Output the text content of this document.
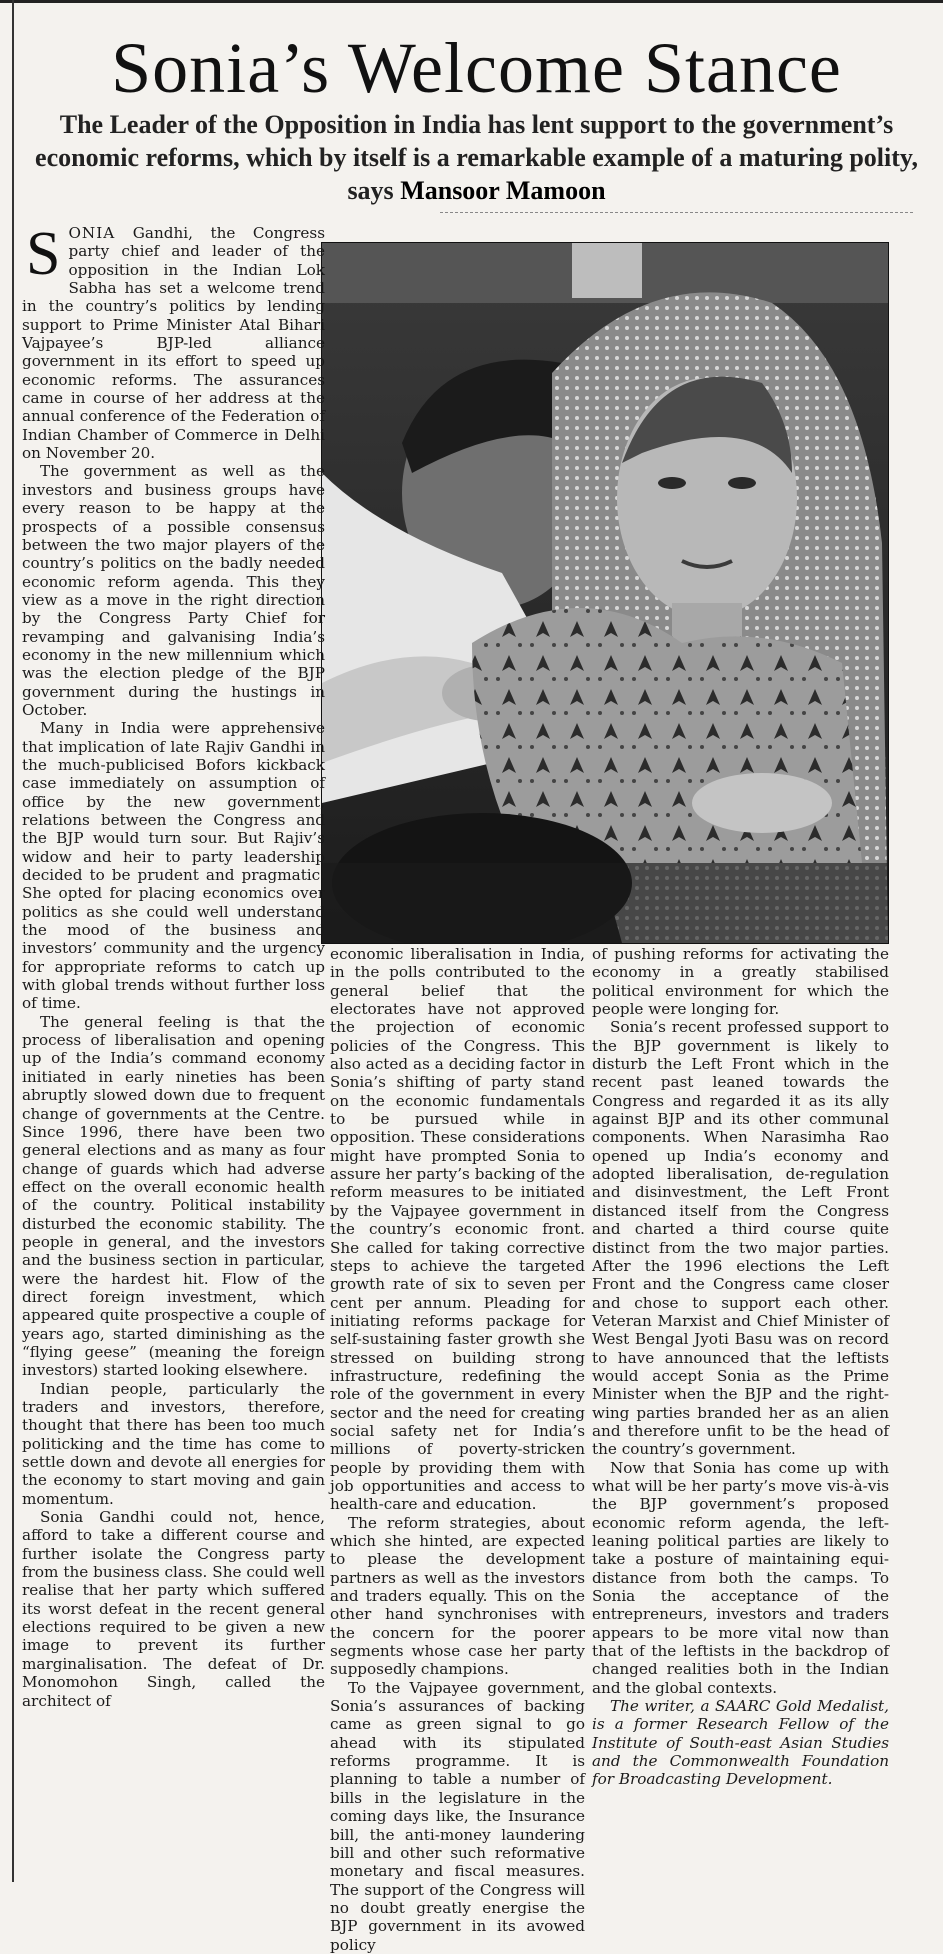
Sonia’s Welcome Stance
The Leader of the Opposition in India has lent support to the government’s economic reforms, which by itself is a remarkable example of a maturing polity, says Mansoor Mamoon

SONIA Gandhi, the Congress party chief and leader of the opposition in the Indian Lok Sabha has set a welcome trend in the country’s politics by lending support to Prime Minister Atal Bihari Vajpayee’s BJP-led alliance government in its effort to speed up economic reforms. The assurances came in course of her address at the annual conference of the Federation of Indian Chamber of Commerce in Delhi on November 20.

The government as well as the investors and business groups have every reason to be happy at the prospects of a possible consensus between the two major players of the country’s politics on the badly needed economic reform agenda. This they view as a move in the right direction by the Congress Party Chief for revamping and galvanising India’s economy in the new millennium which was the election pledge of the BJP government during the hustings in October.

Many in India were apprehensive that implication of late Rajiv Gandhi in the much-publicised Bofors kickback case immediately on assumption of office by the new government, relations between the Congress and the BJP would turn sour. But Rajiv’s widow and heir to party leadership decided to be prudent and pragmatic. She opted for placing economics over politics as she could well understand the mood of the business and investors’ community and the urgency for appropriate reforms to catch up with global trends without further loss of time.

The general feeling is that the process of liberalisation and opening up of the India’s command economy initiated in early nineties has been abruptly slowed down due to frequent change of governments at the Centre. Since 1996, there have been two general elections and as many as four change of guards which had adverse effect on the overall economic health of the country. Political instability disturbed the economic stability. The people in general, and the investors and the business section in particular, were the hardest hit. Flow of the direct foreign investment, which appeared quite prospective a couple of years ago, started diminishing as the “flying geese” (meaning the foreign investors) started looking elsewhere.

Indian people, particularly the traders and investors, therefore, thought that there has been too much politicking and the time has come to settle down and devote all energies for the economy to start moving and gain momentum.

Sonia Gandhi could not, hence, afford to take a different course and further isolate the Congress party from the business class. She could well realise that her party which suffered its worst defeat in the recent general elections required to be given a new image to prevent its further marginalisation. The defeat of Dr. Monomohon Singh, called the architect of

economic liberalisation in India, in the polls contributed to the general belief that the electorates have not approved the projection of economic policies of the Congress. This also acted as a deciding factor in Sonia’s shifting of party stand on the economic fundamentals to be pursued while in opposition. These considerations might have prompted Sonia to assure her party’s backing of the reform measures to be initiated by the Vajpayee government in the country’s economic front. She called for taking corrective steps to achieve the targeted growth rate of six to seven per cent per annum. Pleading for initiating reforms package for self-sustaining faster growth she stressed on building strong infrastructure, redefining the role of the government in every sector and the need for creating social safety net for India’s millions of poverty-stricken people by providing them with job opportunities and access to health-care and education.

The reform strategies, about which she hinted, are expected to please the development partners as well as the investors and traders equally. This on the other hand synchronises with the concern for the poorer segments whose case her party supposedly champions.

To the Vajpayee government, Sonia’s assurances of backing came as green signal to go ahead with its stipulated reforms programme. It is planning to table a number of bills in the legislature in the coming days like, the Insurance bill, the anti-money laundering bill and other such reformative monetary and fiscal measures. The support of the Congress will no doubt greatly energise the BJP government in its avowed policy

of pushing reforms for activating the economy in a greatly stabilised political environment for which the people were longing for.

Sonia’s recent professed support to the BJP government is likely to disturb the Left Front which in the recent past leaned towards the Congress and regarded it as its ally against BJP and its other communal components. When Narasimha Rao opened up India’s economy and adopted liberalisation, de-regulation and disinvestment, the Left Front distanced itself from the Congress and charted a third course quite distinct from the two major parties. After the 1996 elections the Left Front and the Congress came closer and chose to support each other. Veteran Marxist and Chief Minister of West Bengal Jyoti Basu was on record to have announced that the leftists would accept Sonia as the Prime Minister when the BJP and the right-wing parties branded her as an alien and therefore unfit to be the head of the country’s government.

Now that Sonia has come up with what will be her party’s move vis-à-vis the BJP government’s proposed economic reform agenda, the left-leaning political parties are likely to take a posture of maintaining equi-distance from both the camps. To Sonia the acceptance of the entrepreneurs, investors and traders appears to be more vital now than that of the leftists in the backdrop of changed realities both in the Indian and the global contexts.

The writer, a SAARC Gold Medalist, is a former Research Fellow of the Institute of South-east Asian Studies and the Commonwealth Foundation for Broadcasting Development.
